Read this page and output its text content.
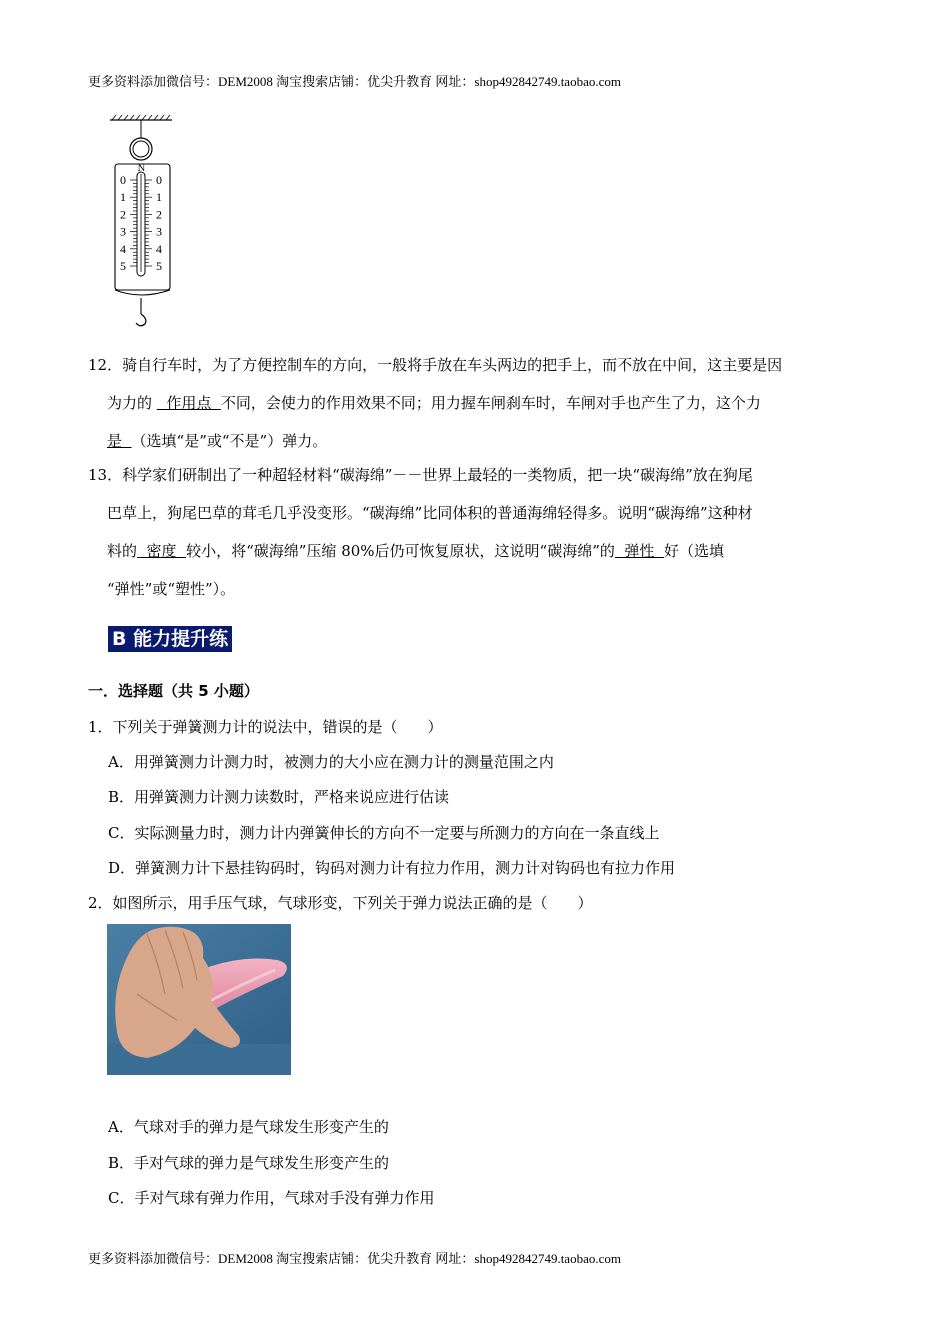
更多资料添加微信号：DEM2008 淘宝搜索店铺：优尖升教育 网址：shop492842749.taobao.com
N
0	0
1	1
2	2
3	3
4	4
5	5
12．骑自行车时，为了方便控制车的方向，一般将手放在车头两边的把手上，而不放在中间，这主要是因
为力的   作用点  不同，会使力的作用效果不同；用力握车闸刹车时，车闸对手也产生了力，这个力
是  （选填“是”或“不是”）弹力。
13．科学家们研制出了一种超轻材料“碳海绵”－－世界上最轻的一类物质，把一块“碳海绵”放在狗尾
巴草上，狗尾巴草的茸毛几乎没变形。“碳海绵”比同体积的普通海绵轻得多。说明“碳海绵”这种材
料的  密度  较小，将“碳海绵”压缩 80%后仍可恢复原状，这说明“碳海绵”的  弹性  好（选填
“弹性”或“塑性”）。
B 能力提升练
一．选择题（共 5 小题）
1．下列关于弹簧测力计的说法中，错误的是（　　）
A．用弹簧测力计测力时，被测力的大小应在测力计的测量范围之内
B．用弹簧测力计测力读数时，严格来说应进行估读
C．实际测量力时，测力计内弹簧伸长的方向不一定要与所测力的方向在一条直线上
D．弹簧测力计下悬挂钩码时，钩码对测力计有拉力作用，测力计对钩码也有拉力作用
2．如图所示，用手压气球，气球形变，下列关于弹力说法正确的是（　　）
A．气球对手的弹力是气球发生形变产生的
B．手对气球的弹力是气球发生形变产生的
C．手对气球有弹力作用，气球对手没有弹力作用
更多资料添加微信号：DEM2008 淘宝搜索店铺：优尖升教育 网址：shop492842749.taobao.com
